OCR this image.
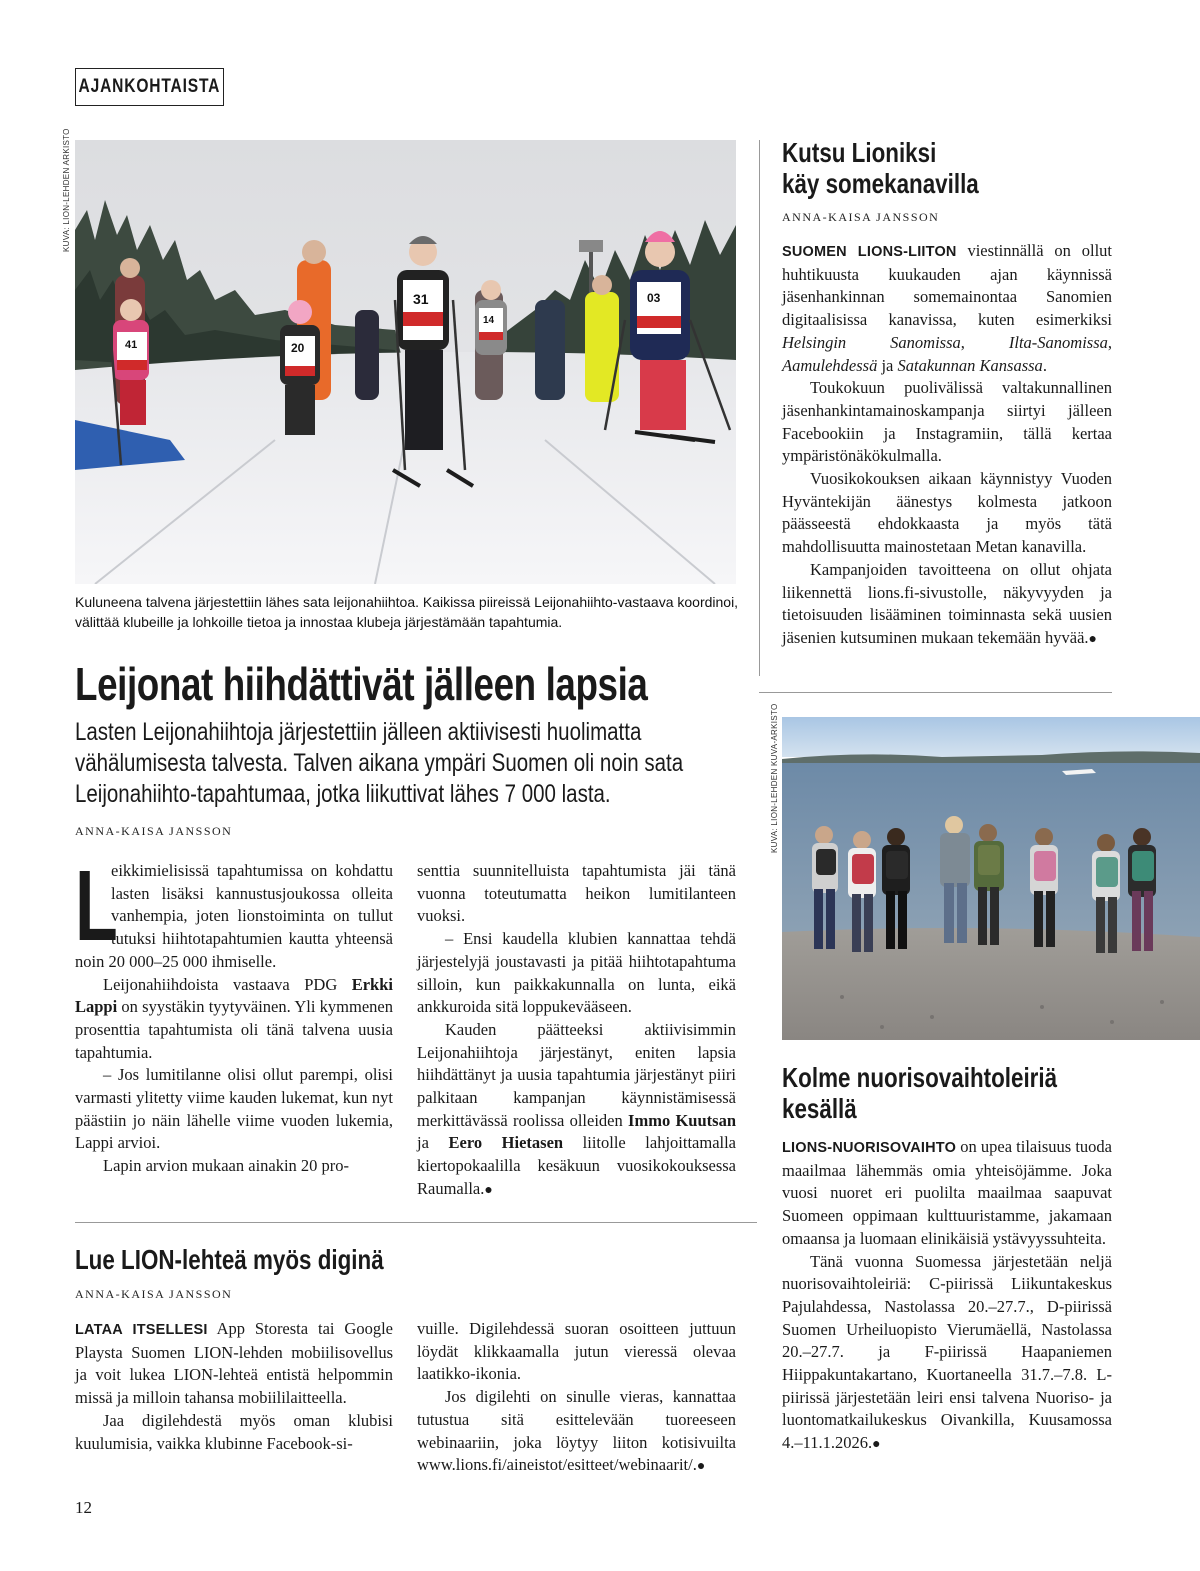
AJANKOHTAISTA
KUVA: LION-LEHDEN ARKISTO
41	20
31	03
14
Kuluneena talvena järjestettiin lähes sata leijonahiihtoa. Kaikissa piireissä Leijonahiihto-vastaava koordinoi, välittää klubeille ja lohkoille tietoa ja innostaa klubeja järjestämään tapahtumia.
Leijonat hiihdättivät jälleen lapsia
Lasten Leijonahiihtoja järjestettiin jälleen aktiivisesti huolimatta vähälumisesta talvesta. Talven aikana ympäri Suomen oli noin sata Leijonahiihto-tapahtumaa, jotka liikuttivat lähes 7 000 lasta.
ANNA-KAISA JANSSON

L
eikkimielisissä tapahtumissa on kohdattu lasten lisäksi kannustusjoukossa olleita vanhempia, joten lionstoiminta on tullut tutuksi hiihtotapahtumien kautta yhteensä noin 20 000–25 000 ihmiselle.

Leijonahiihdoista vastaava PDG Erkki Lappi on syystäkin tyytyväinen. Yli kymmenen prosenttia tapahtumista oli tänä talvena uusia tapahtumia.

– Jos lumitilanne olisi ollut parempi, olisi varmasti ylitetty viime kauden lukemat, kun nyt päästiin jo näin lähelle viime vuoden lukemia, Lappi arvioi.

Lapin arvion mukaan ainakin 20 pro-

senttia suunnitelluista tapahtumista jäi tänä vuonna toteutumatta heikon lumitilanteen vuoksi.

– Ensi kaudella klubien kannattaa tehdä järjestelyjä joustavasti ja pitää hiihtotapahtuma silloin, kun paikkakunnalla on lunta, eikä ankkuroida sitä loppukevääseen.

Kauden päätteeksi aktiivisimmin Leijonahiihtoja järjestänyt, eniten lapsia hiihdättänyt ja uusia tapahtumia järjestänyt piiri palkitaan kampanjan käynnistämisessä merkittävässä roolissa olleiden Immo Kuutsan ja Eero Hietasen liitolle lahjoittamalla kiertopokaalilla kesäkuun vuosikokouksessa Raumalla.●

Lue LION-lehteä myös diginä
ANNA-KAISA JANSSON

LATAA ITSELLESI App Storesta tai Google Playsta Suomen LION-lehden mobiilisovellus ja voit lukea LION-lehteä entistä helpommin missä ja milloin tahansa mobiililaitteella.

Jaa digilehdestä myös oman klubisi kuulumisia, vaikka klubinne Facebook-si-

vuille. Digilehdessä suoran osoitteen juttuun löydät klikkaamalla jutun vieressä olevaa laatikko-ikonia.

Jos digilehti on sinulle vieras, kannattaa tutustua sitä esittelevään tuoreeseen webinaariin, joka löytyy liiton kotisivuilta www.lions.fi/aineistot/esitteet/webinaarit/.●

Kutsu Lioniksi
käy somekanavilla
ANNA-KAISA JANSSON

SUOMEN LIONS-LIITON viestinnällä on ollut huhtikuusta kuukauden ajan käynnissä jäsenhankinnan somemainontaa Sanomien digitaalisissa kanavissa, kuten esimerkiksi Helsingin Sanomissa, Ilta-Sanomissa, Aamulehdessä ja Satakunnan Kansassa.

Toukokuun puolivälissä valtakunnallinen jäsenhankintamainoskampanja siirtyi jälleen Facebookiin ja Instagramiin, tällä kertaa ympäristönäkökulmalla.

Vuosikokouksen aikaan käynnistyy Vuoden Hyväntekijän äänestys kolmesta jatkoon päässeestä ehdokkaasta ja myös tätä mahdollisuutta mainostetaan Metan kanavilla.

Kampanjoiden tavoitteena on ollut ohjata liikennettä lions.fi-sivustolle, näkyvyyden ja tietoisuuden lisääminen toiminnasta sekä uusien jäsenien kutsuminen mukaan tekemään hyvää.●

KUVA: LION-LEHDEN KUVA-ARKISTO
Kolme nuorisovaihtoleiriä
kesällä

LIONS-NUORISOVAIHTO on upea tilaisuus tuoda maailmaa lähemmäs omia yhteisöjämme. Joka vuosi nuoret eri puolilta maailmaa saapuvat Suomeen oppimaan kulttuuristamme, jakamaan omaansa ja luomaan elinikäisiä ystävyyssuhteita.

Tänä vuonna Suomessa järjestetään neljä nuorisovaihtoleiriä: C-piirissä Liikuntakeskus Pajulahdessa, Nastolassa 20.–27.7., D-piirissä Suomen Urheiluopisto Vierumäellä, Nastolassa 20.–27.7. ja F-piirissä Haapaniemen Hiippakuntakartano, Kuortaneella 31.7.–7.8. L-piirissä järjestetään leiri ensi talvena Nuoriso- ja luontomatkailukeskus Oivankilla, Kuusamossa 4.–11.1.2026.●

12
